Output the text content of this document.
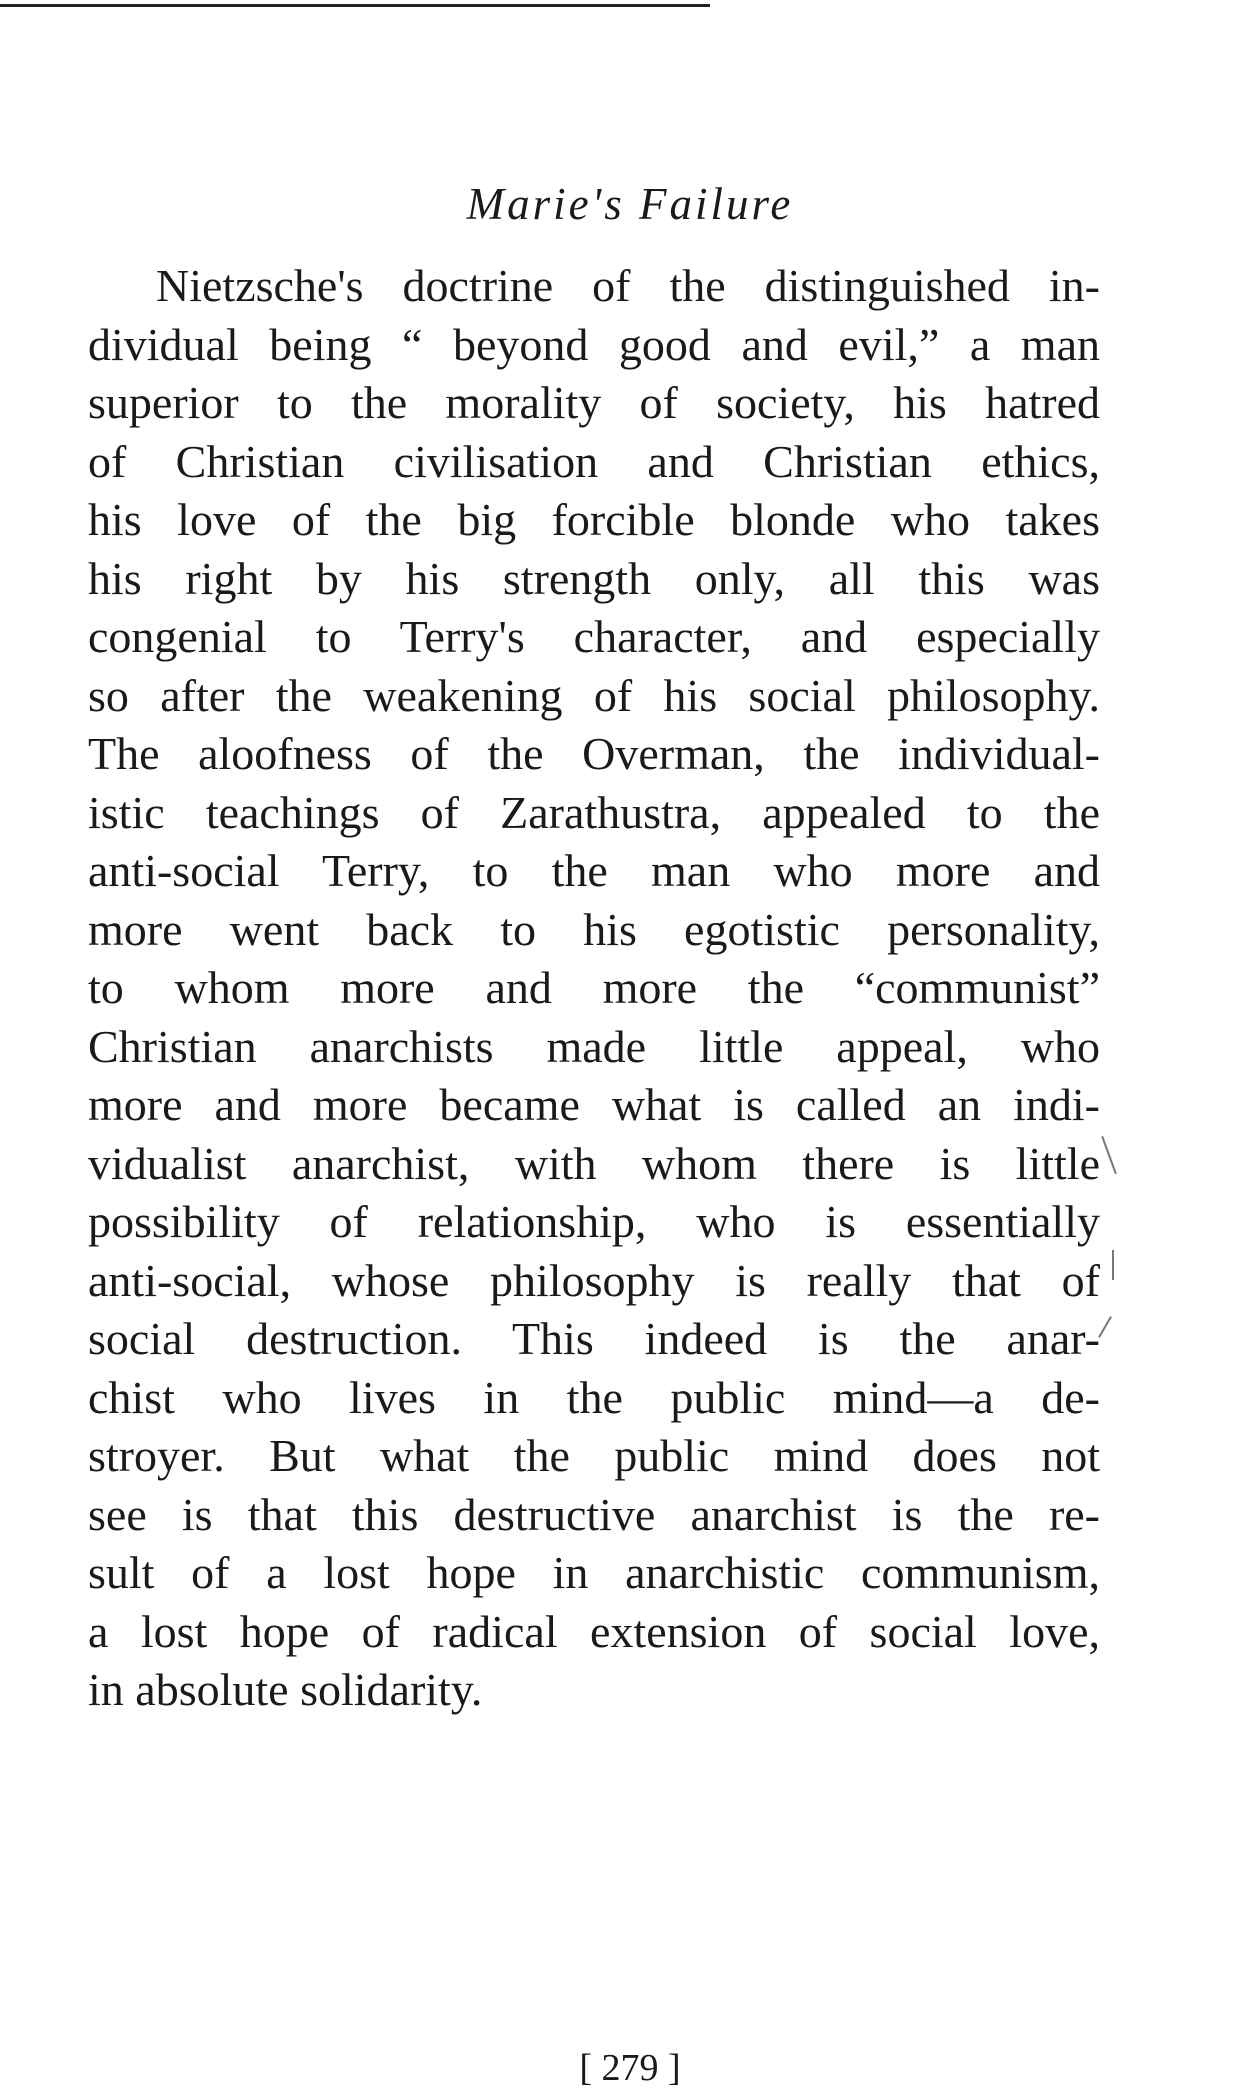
Marie's Failure
Nietzsche's doctrine of the distinguished in-
dividual being “ beyond good and evil,” a man
superior to the morality of society, his hatred
of Christian civilisation and Christian ethics,
his love of the big forcible blonde who takes
his right by his strength only, all this was
congenial to Terry's character, and especially
so after the weakening of his social philosophy.
The aloofness of the Overman, the individual-
istic teachings of Zarathustra, appealed to the
anti-social Terry, to the man who more and
more went back to his egotistic personality,
to whom more and more the “communist”
Christian anarchists made little appeal, who
more and more became what is called an indi-
vidualist anarchist, with whom there is little
possibility of relationship, who is essentially
anti-social, whose philosophy is really that of
social destruction. This indeed is the anar-
chist who lives in the public mind—a de-
stroyer. But what the public mind does not
see is that this destructive anarchist is the re-
sult of a lost hope in anarchistic communism,
a lost hope of radical extension of social love,
in absolute solidarity.
[ 279 ]
